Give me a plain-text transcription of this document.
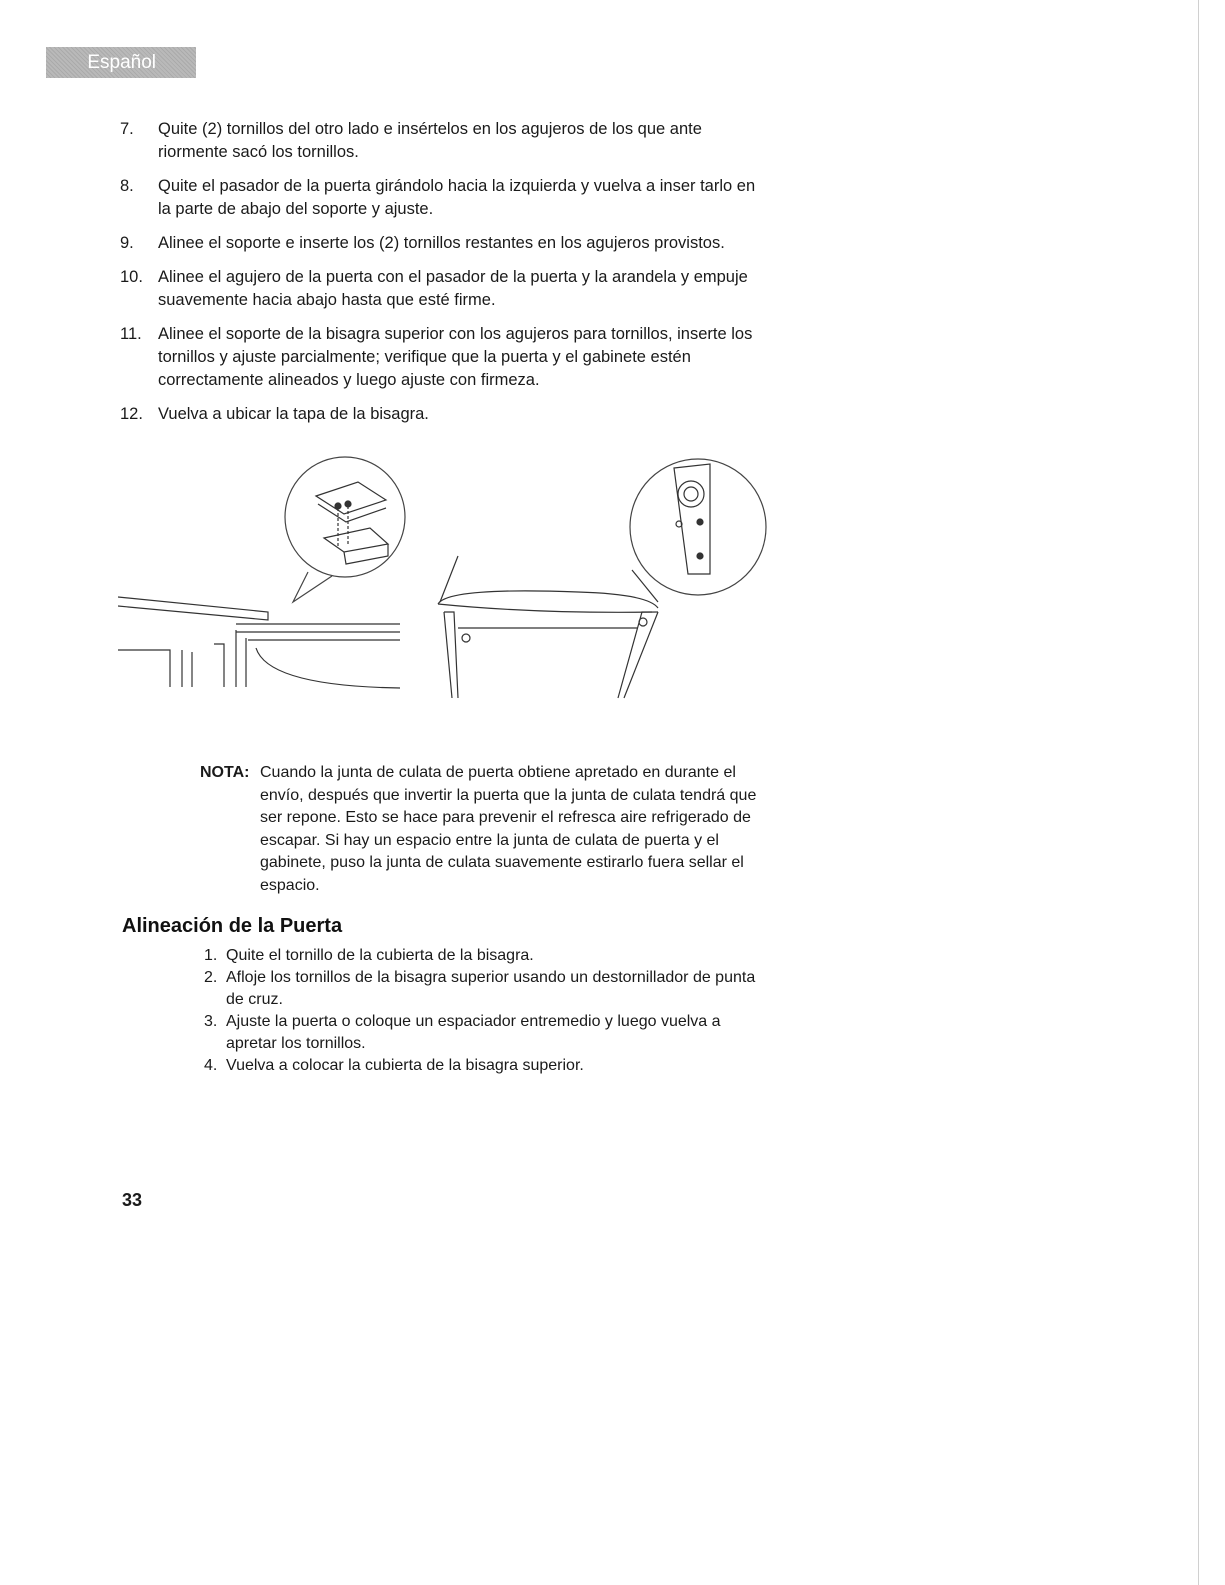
Español
7. Quite (2) tornillos del otro lado e insértelos en los agujeros de los que ante riormente sacó los tornillos.
8. Quite el pasador de la puerta girándolo hacia la izquierda y vuelva a inser tarlo en la parte de abajo del soporte y ajuste.
9. Alinee el soporte e inserte los (2) tornillos restantes en los agujeros provistos.
10. Alinee el agujero de la puerta con el pasador de la puerta y la arandela y empuje suavemente hacia abajo hasta que esté firme.
11. Alinee el soporte de la bisagra superior con los agujeros para tornillos, inserte los tornillos y ajuste parcialmente; verifique que la puerta y el gabinete estén correctamente alineados y luego ajuste con firmeza.
12. Vuelva a ubicar la tapa de la bisagra.
NOTA: Cuando la junta de culata de puerta obtiene apretado en durante el envío, después que invertir la puerta que la junta de culata tendrá que ser repone. Esto se hace para prevenir el refresca aire refrigerado de escapar. Si hay un espacio entre la junta de culata de puerta y el gabinete, puso la junta de culata suavemente estirarlo fuera sellar el espacio.
Alineación de la Puerta
1. Quite el tornillo de la cubierta de la bisagra.
2. Afloje los tornillos de la bisagra superior usando un destornillador de punta de cruz.
3. Ajuste la puerta o coloque un espaciador entremedio y luego vuelva a apretar los tornillos.
4. Vuelva a colocar la cubierta de la bisagra superior.
33
